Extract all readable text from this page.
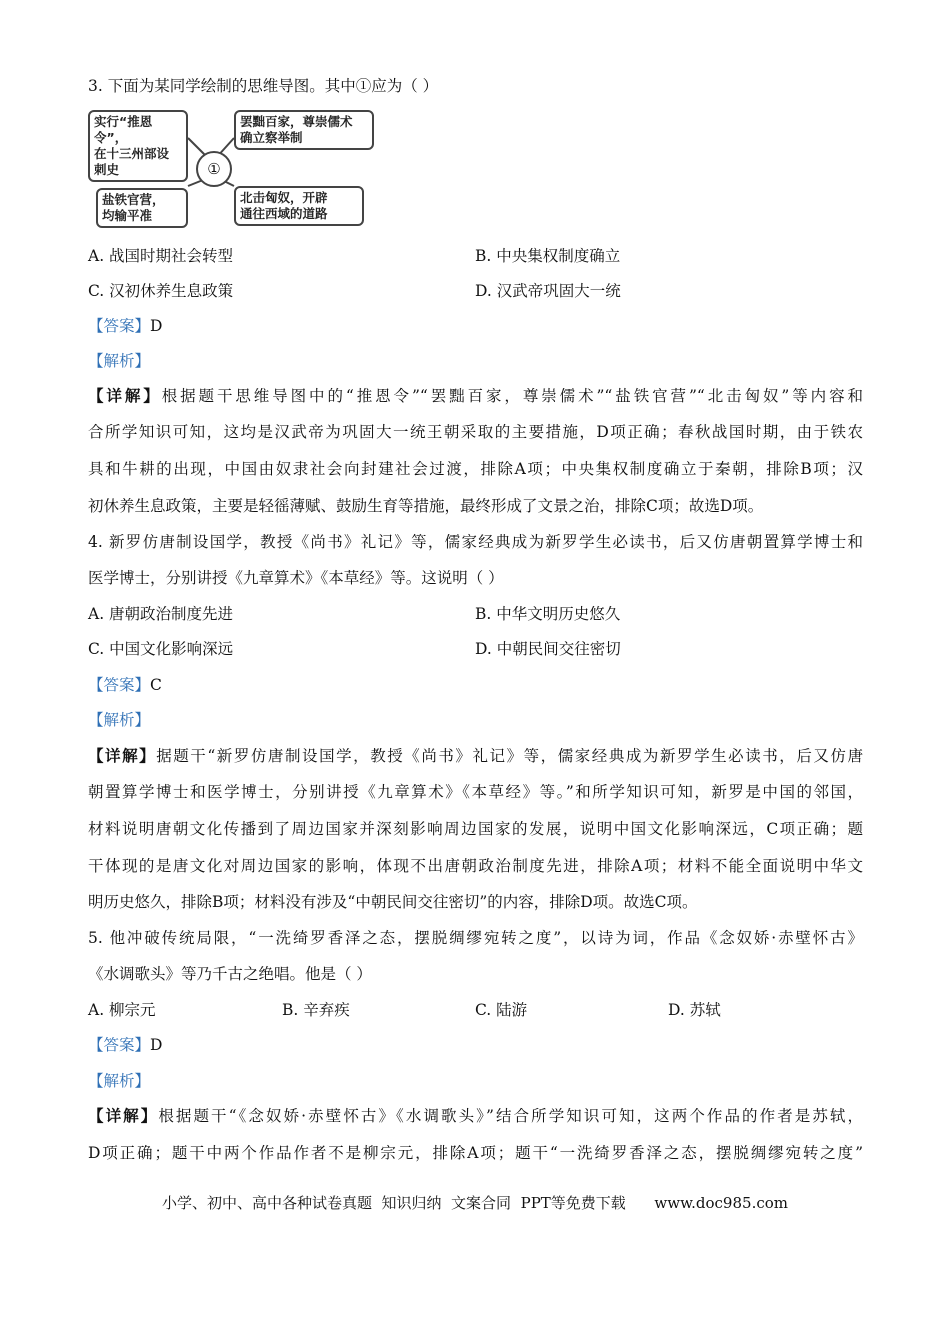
3. 下面为某同学绘制的思维导图。其中①应为（ ）
实行“推恩令”，
在十三州部设
刺史
罢黜百家，尊崇儒术
确立察举制
①
盐铁官营，
均输平准
北击匈奴，开辟
通往西域的道路
A. 战国时期社会转型	B. 中央集权制度确立
C. 汉初休养生息政策	D. 汉武帝巩固大一统
【答案】D
【解析】
【详解】根据题干思维导图中的“推恩令”“罢黜百家，尊崇儒术”“盐铁官营”“北击匈奴”等内容和
合所学知识可知，这均是汉武帝为巩固大一统王朝采取的主要措施，D项正确；春秋战国时期，由于铁农
具和牛耕的出现，中国由奴隶社会向封建社会过渡，排除A项；中央集权制度确立于秦朝，排除B项；汉
初休养生息政策，主要是轻徭薄赋、鼓励生育等措施，最终形成了文景之治，排除C项；故选D项。
4. 新罗仿唐制设国学，教授《尚书》礼记》等，儒家经典成为新罗学生必读书，后又仿唐朝置算学博士和
医学博士，分别讲授《九章算术》《本草经》等。这说明（ ）
A. 唐朝政治制度先进	B. 中华文明历史悠久
C. 中国文化影响深远	D. 中朝民间交往密切
【答案】C
【解析】
【详解】据题干“新罗仿唐制设国学，教授《尚书》礼记》等，儒家经典成为新罗学生必读书，后又仿唐
朝置算学博士和医学博士，分别讲授《九章算术》《本草经》等。”和所学知识可知，新罗是中国的邻国，
材料说明唐朝文化传播到了周边国家并深刻影响周边国家的发展，说明中国文化影响深远，C项正确；题
干体现的是唐文化对周边国家的影响，体现不出唐朝政治制度先进，排除A项；材料不能全面说明中华文
明历史悠久，排除B项；材料没有涉及“中朝民间交往密切”的内容，排除D项。故选C项。
5. 他冲破传统局限，“一洗绮罗香泽之态，摆脱绸缪宛转之度”，以诗为词，作品《念奴娇·赤壁怀古》
《水调歌头》等乃千古之绝唱。他是（ ）
A. 柳宗元	B. 辛弃疾	C. 陆游	D. 苏轼
【答案】D
【解析】
【详解】根据题干“《念奴娇·赤壁怀古》《水调歌头》”结合所学知识可知，这两个作品的作者是苏轼，
D项正确；题干中两个作品作者不是柳宗元，排除A项；题干“一洗绮罗香泽之态，摆脱绸缪宛转之度”
小学、初中、高中各种试卷真题  知识归纳  文案合同  PPT等免费下载      www.doc985.com
